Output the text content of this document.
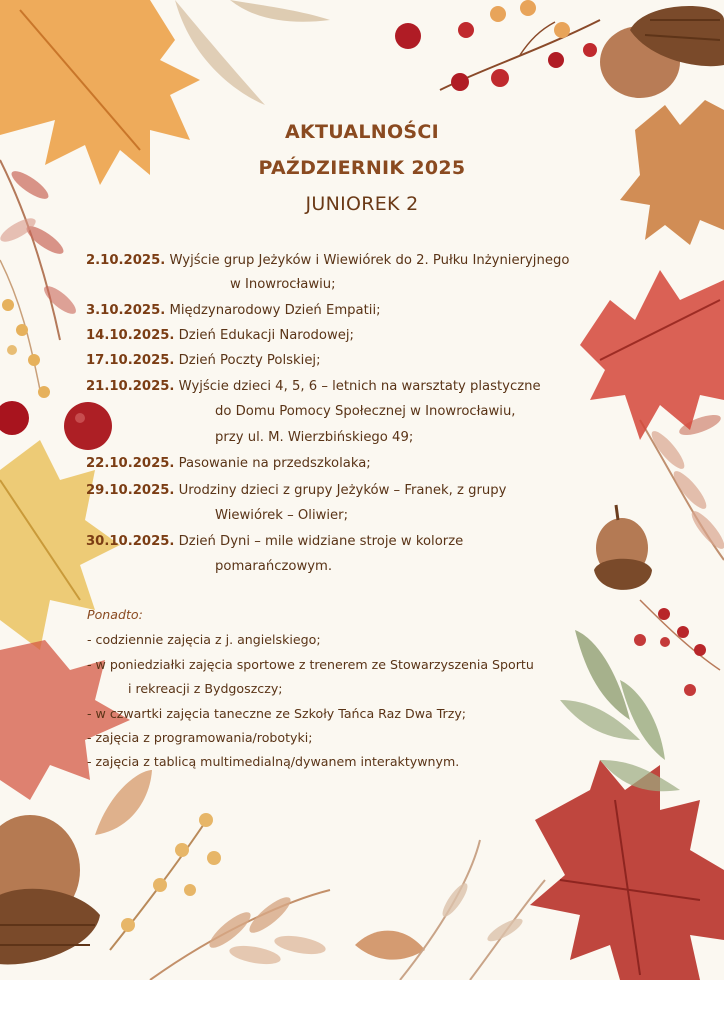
AKTUALNOŚCI
PAŹDZIERNIK 2025
JUNIOREK 2
2.10.2025. Wyjście grup Jeżyków i Wiewiórek do 2. Pułku Inżynieryjnego
w Inowrocławiu;
3.10.2025. Międzynarodowy Dzień Empatii;
14.10.2025. Dzień Edukacji Narodowej;
17.10.2025. Dzień Poczty Polskiej;
21.10.2025. Wyjście dzieci 4, 5, 6 – letnich na warsztaty plastyczne
do Domu Pomocy Społecznej w Inowrocławiu,
przy ul. M. Wierzbińskiego 49;
22.10.2025. Pasowanie na przedszkolaka;
29.10.2025. Urodziny dzieci z grupy Jeżyków – Franek, z grupy
Wiewiórek – Oliwier;
30.10.2025. Dzień Dyni – mile widziane stroje w kolorze
pomarańczowym.
Ponadto:
- codziennie zajęcia z j. angielskiego;
- w poniedziałki zajęcia sportowe z trenerem ze Stowarzyszenia Sportu
i rekreacji z Bydgoszczy;
- w czwartki zajęcia taneczne ze Szkoły Tańca Raz Dwa Trzy;
- zajęcia z programowania/robotyki;
- zajęcia z tablicą multimedialną/dywanem interaktywnym.
